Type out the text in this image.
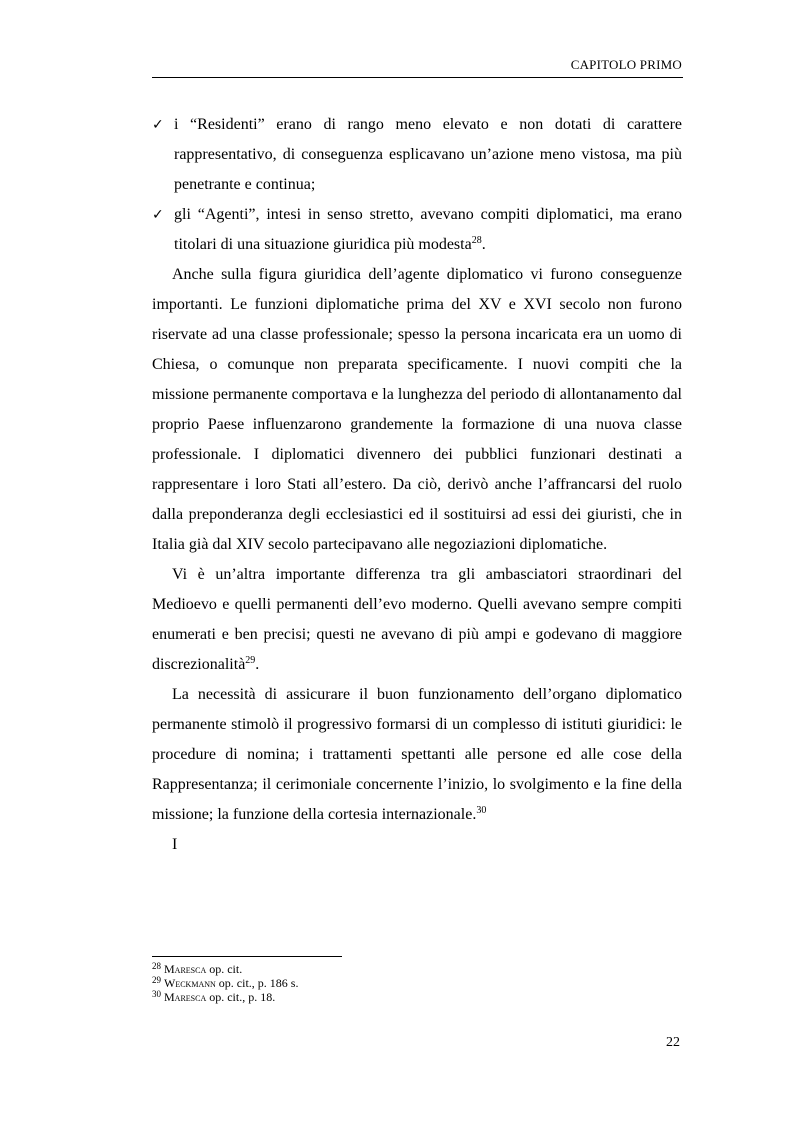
CAPITOLO PRIMO
✓ i “Residenti” erano di rango meno elevato e non dotati di carattere rappresentativo, di conseguenza esplicavano un’azione meno vistosa, ma più penetrante e continua;
✓ gli “Agenti”, intesi in senso stretto, avevano compiti diplomatici, ma erano titolari di una situazione giuridica più modesta$^{28}$.

Anche sulla figura giuridica dell’agente diplomatico vi furono conseguenze importanti. Le funzioni diplomatiche prima del XV e XVI secolo non furono riservate ad una classe professionale; spesso la persona incaricata era un uomo di Chiesa, o comunque non preparata specificamente. I nuovi compiti che la missione permanente comportava e la lunghezza del periodo di allontanamento dal proprio Paese influenzarono grandemente la formazione di una nuova classe professionale. I diplomatici divennero dei pubblici funzionari destinati a rappresentare i loro Stati all’estero. Da ciò, derivò anche l’affrancarsi del ruolo dalla preponderanza degli ecclesiastici ed il sostituirsi ad essi dei giuristi, che in Italia già dal XIV secolo partecipavano alle negoziazioni diplomatiche.

Vi è un’altra importante differenza tra gli ambasciatori straordinari del Medioevo e quelli permanenti dell’evo moderno. Quelli avevano sempre compiti enumerati e ben precisi; questi ne avevano di più ampi e godevano di maggiore discrezionalità$^{29}$.

La necessità di assicurare il buon funzionamento dell’organo diplomatico permanente stimolò il progressivo formarsi di un complesso di istituti giuridici: le procedure di nomina; i trattamenti spettanti alle persone ed alle cose della Rappresentanza; il cerimoniale concernente l’inizio, lo svolgimento e la fine della missione; la funzione della cortesia internazionale.$^{30}$

I

$^{28}$ Maresca op. cit.
$^{29}$ Weckmann op. cit., p. 186 s.
$^{30}$ Maresca op. cit., p. 18.
22
